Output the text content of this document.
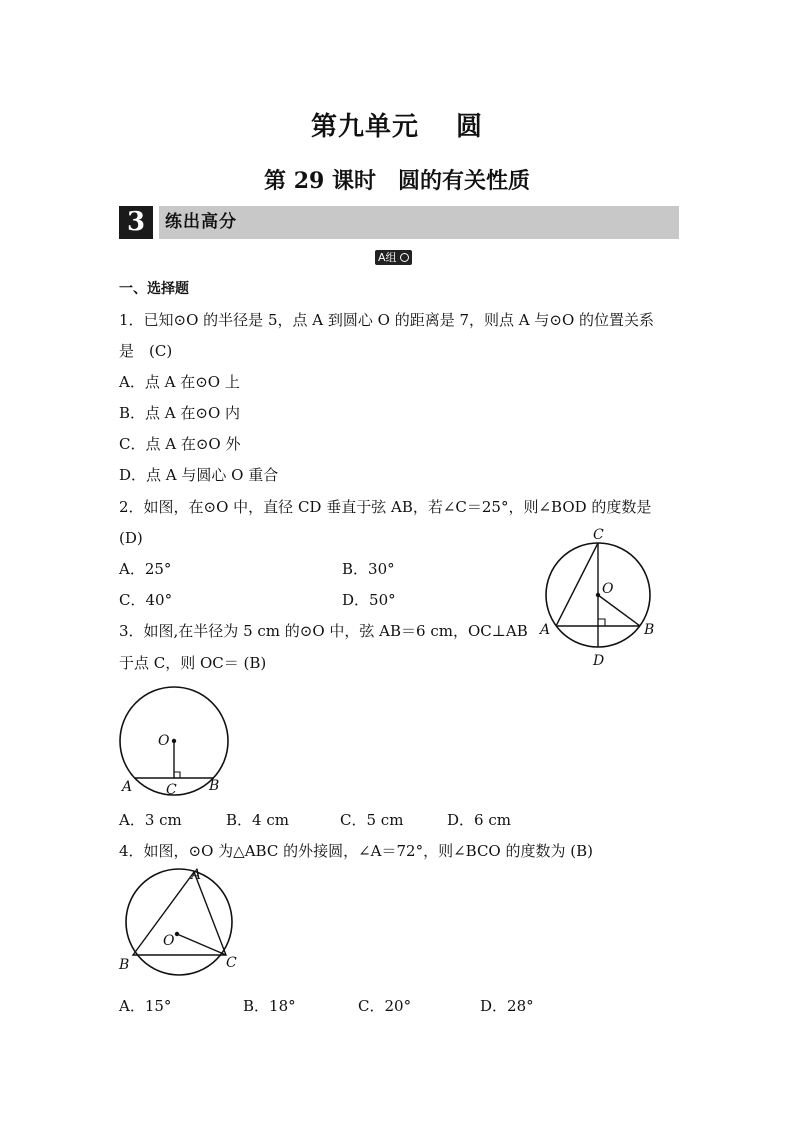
第九单元　 圆
第 29 课时　圆的有关性质
3	练出高分
A组
一、选择题
1．已知⊙O 的半径是 5，点 A 到圆心 O 的距离是 7，则点 A 与⊙O 的位置关系
是　(C)
A．点 A 在⊙O 上
B．点 A 在⊙O 内
C．点 A 在⊙O 外
D．点 A 与圆心 O 重合
2．如图，在⊙O 中，直径 CD 垂直于弦 AB，若∠C＝25°，则∠BOD 的度数是
(D)
A．25°	B．30°
C．40°	D．50°
C
O
A	B
D
3．如图,在半径为 5 cm 的⊙O 中，弦 AB＝6 cm，OC⊥AB
于点 C，则 OC＝ (B)
O
A	B
C
A．3 cm	B．4 cm	C．5 cm	D．6 cm
4．如图，⊙O 为△ABC 的外接圆，∠A＝72°，则∠BCO 的度数为 (B)
A
O
B	C
A．15°	B．18°	C．20°	D．28°
